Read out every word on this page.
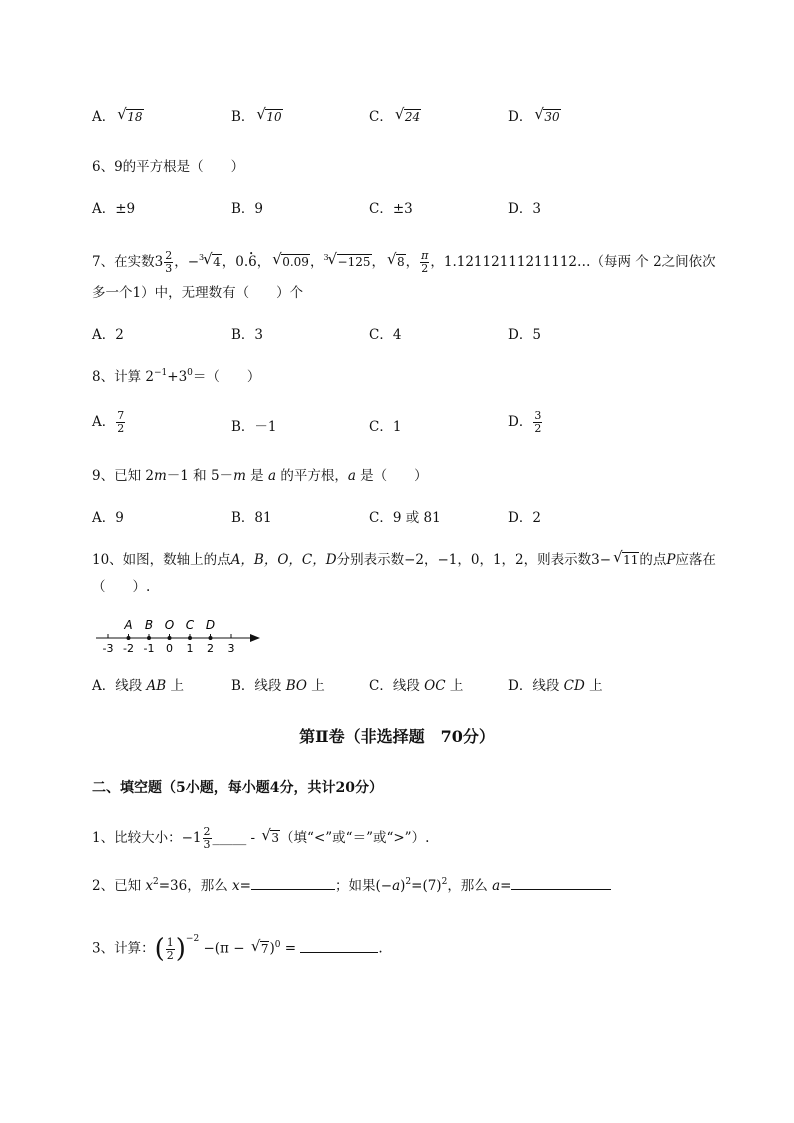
A． √ 18	B． √ 10	C． √ 24	D． √ 30
6、9的平方根是（　　）
A．±9	B．9	C．±3	D．3
7、在实数$3 \frac{2}{3}$ ，−$^3$ √ 4，0.• 6， √ 0.09，$^3$ √ −125， √ 8， $\frac{\pi}{2}$ ，1.12112111211112…（每两 个 2之间依次
多一个1）中，无理数有（　　）个
A．2	B．3	C．4	D．5
8、计算 $2^{-1}+3^0=$（　　）
A． $\frac{7}{2}$	B．－1	C．1	D． $\frac{3}{2}$
9、已知 2m－1 和 5－m 是 a 的平方根，a 是（　　）
A．9	B．81	C．9 或 81	D．2
10、如图，数轴上的点A，B，O，C，D分别表示数−2，−1，0，1，2，则表示数3− √ 11的点P应落在
（　　）.
-3 -2 -1 0 1 2 3
A B O C D
A．线段 AB 上	B．线段 BO 上	C．线段 OC 上	D．线段 CD 上
第Ⅱ卷（非选择题　70分）
二、填空题（5小题，每小题4分，共计20分）
1、比较大小：$-1 \frac{2}{3}$ _____ - √ 3（填“<”或“＝”或“>”）.
2、已知 $x^2=36$，那么 x=	；如果$(-a)^2=(7)^2$，那么 a=
3、计算：( $\frac{1}{2} )^{-2} -(\pi$ − √ 7)$^0$ =	.
